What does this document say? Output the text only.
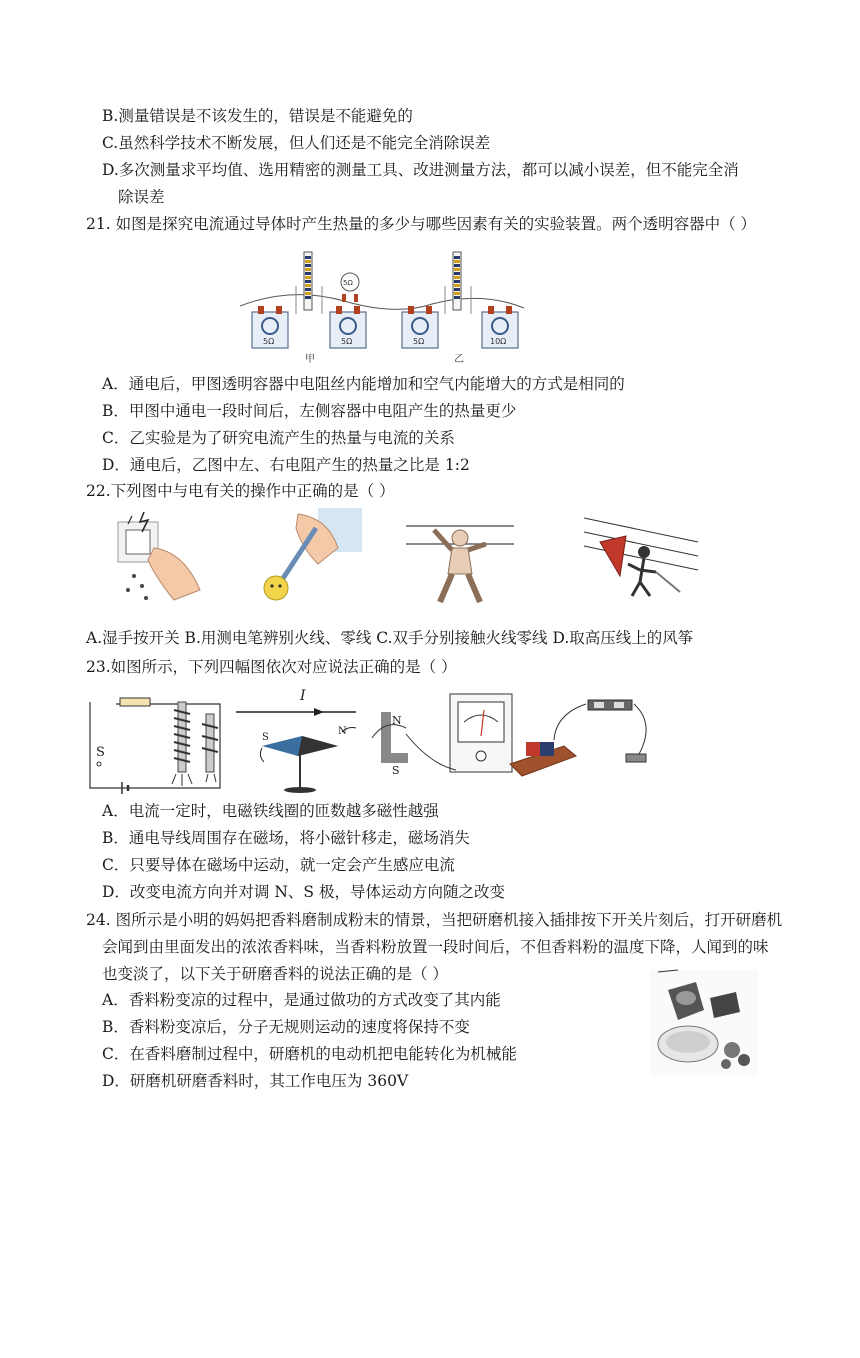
B.测量错误是不该发生的，错误是不能避免的
C.虽然科学技术不断发展，但人们还是不能完全消除误差
D.多次测量求平均值、选用精密的测量工具、改进测量方法，都可以减小误差，但不能完全消
除误差
21. 如图是探究电流通过导体时产生热量的多少与哪些因素有关的实验装置。两个透明容器中（ ）
5Ω	5Ω
5Ω
甲
5Ω	10Ω
乙
A．通电后，甲图透明容器中电阻丝内能增加和空气内能增大的方式是相同的
B．甲图中通电一段时间后，左侧容器中电阻产生的热量更少
C．乙实验是为了研究电流产生的热量与电流的关系
D．通电后，乙图中左、右电阻产生的热量之比是 1:2
22.下列图中与电有关的操作中正确的是（ ）
A.湿手按开关 B.用测电笔辨别火线、零线 C.双手分别接触火线零线 D.取高压线上的风筝
23.如图所示，下列四幅图依次对应说法正确的是（ ）
S
I
S
N
N
S
A．电流一定时，电磁铁线圈的匝数越多磁性越强
B．通电导线周围存在磁场，将小磁针移走，磁场消失
C．只要导体在磁场中运动，就一定会产生感应电流
D．改变电流方向并对调 N、S 极，导体运动方向随之改变
24. 图所示是小明的妈妈把香料磨制成粉末的情景，当把研磨机接入插排按下开关片刻后，打开研磨机
会闻到由里面发出的浓浓香料味，当香料粉放置一段时间后，不但香料粉的温度下降，人闻到的味
也变淡了，以下关于研磨香料的说法正确的是（ ）
A．香料粉变凉的过程中，是通过做功的方式改变了其内能
B．香料粉变凉后，分子无规则运动的速度将保持不变
C．在香料磨制过程中，研磨机的电动机把电能转化为机械能
D．研磨机研磨香料时，其工作电压为 360V
